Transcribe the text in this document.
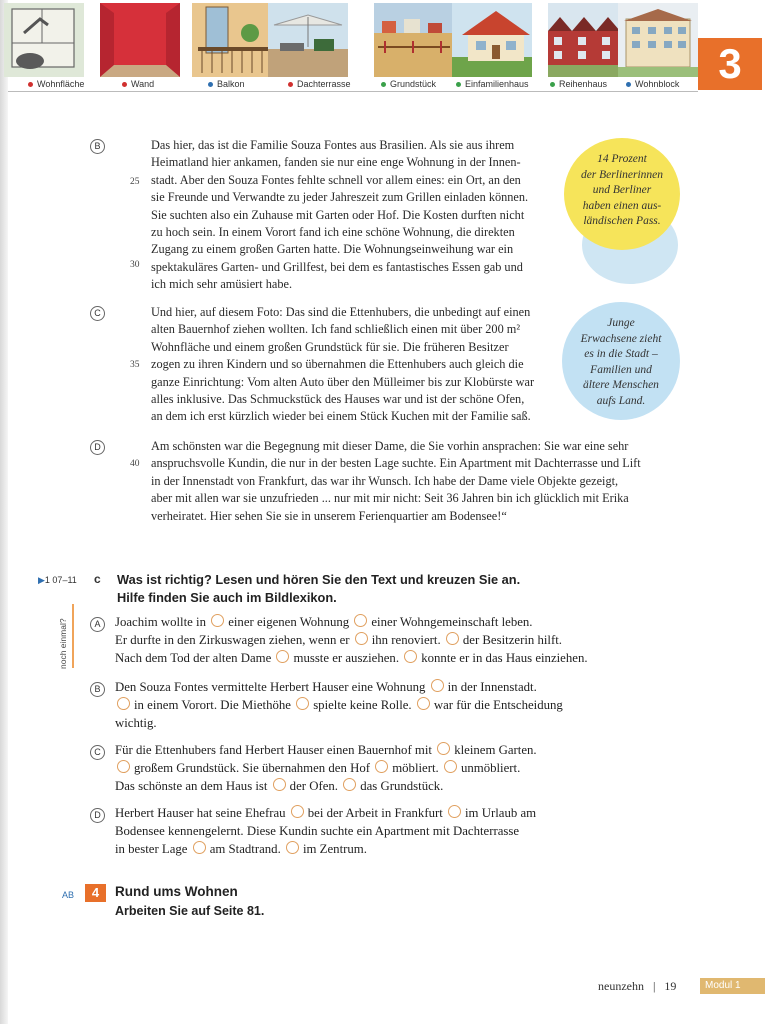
Wohnfläche	Wand	Balkon	Dachterrasse	Grundstück	Einfamilienhaus	Reihenhaus	Wohnblock 3
B
25
30
Das hier, das ist die Familie Souza Fontes aus Brasilien. Als sie aus ihrem
Heimatland hier ankamen, fanden sie nur eine enge Wohnung in der Innen-
stadt. Aber den Souza Fontes fehlte schnell vor allem eines: ein Ort, an den
sie Freunde und Verwandte zu jeder Jahreszeit zum Grillen einladen können.
Sie suchten also ein Zuhause mit Garten oder Hof. Die Kosten durften nicht
zu hoch sein. In einem Vorort fand ich eine schöne Wohnung, die direkten
Zugang zu einem großen Garten hatte. Die Wohnungseinweihung war ein
spektakuläres Garten- und Grillfest, bei dem es fantastisches Essen gab und
ich mich sehr amüsiert habe.
14 Prozent
der Berlinerinnen
und Berliner
haben einen aus-
ländischen Pass.
Junge
Erwachsene zieht
es in die Stadt –
Familien und
ältere Menschen
aufs Land.
C
35
Und hier, auf diesem Foto: Das sind die Ettenhubers, die unbedingt auf einen
alten Bauernhof ziehen wollten. Ich fand schließlich einen mit über 200 m²
Wohnfläche und einem großen Grundstück für sie. Die früheren Besitzer
zogen zu ihren Kindern und so übernahmen die Ettenhubers auch gleich die
ganze Einrichtung: Vom alten Auto über den Mülleimer bis zur Klobürste war
alles inklusive. Das Schmuckstück des Hauses war und ist der schöne Ofen,
an dem ich erst kürzlich wieder bei einem Stück Kuchen mit der Familie saß.
D
40
Am schönsten war die Begegnung mit dieser Dame, die Sie vorhin ansprachen: Sie war eine sehr
anspruchsvolle Kundin, die nur in der besten Lage suchte. Ein Apartment mit Dachterrasse und Lift
in der Innenstadt von Frankfurt, das war ihr Wunsch. Ich habe der Dame viele Objekte gezeigt,
aber mit allen war sie unzufrieden ... nur mit mir nicht: Seit 36 Jahren bin ich glücklich mit Erika
verheiratet. Hier sehen Sie sie in unserem Ferienquartier am Bodensee!“
▶1 07–11 c Was ist richtig? Lesen und hören Sie den Text und kreuzen Sie an.
Hilfe finden Sie auch im Bildlexikon.
noch einmal?	A	Joachim wollte in einer eigenen Wohnung einer Wohngemeinschaft leben.
Er durfte in den Zirkuswagen ziehen, wenn er ihn renoviert. der Besitzerin hilft.
Nach dem Tod der alten Dame musste er ausziehen. konnte er in das Haus einziehen.
B	Den Souza Fontes vermittelte Herbert Hauser eine Wohnung in der Innenstadt.
in einem Vorort. Die Miethöhe spielte keine Rolle. war für die Entscheidung
wichtig.
C	Für die Ettenhubers fand Herbert Hauser einen Bauernhof mit kleinem Garten.
großem Grundstück. Sie übernahmen den Hof möbliert. unmöbliert.
Das schönste an dem Haus ist der Ofen. das Grundstück.
D	Herbert Hauser hat seine Ehefrau bei der Arbeit in Frankfurt im Urlaub am
Bodensee kennengelernt. Diese Kundin suchte ein Apartment mit Dachterrasse
in bester Lage am Stadtrand. im Zentrum.
AB	4	Rund ums Wohnen
Arbeiten Sie auf Seite 81.
neunzehn | 19	Modul 1
